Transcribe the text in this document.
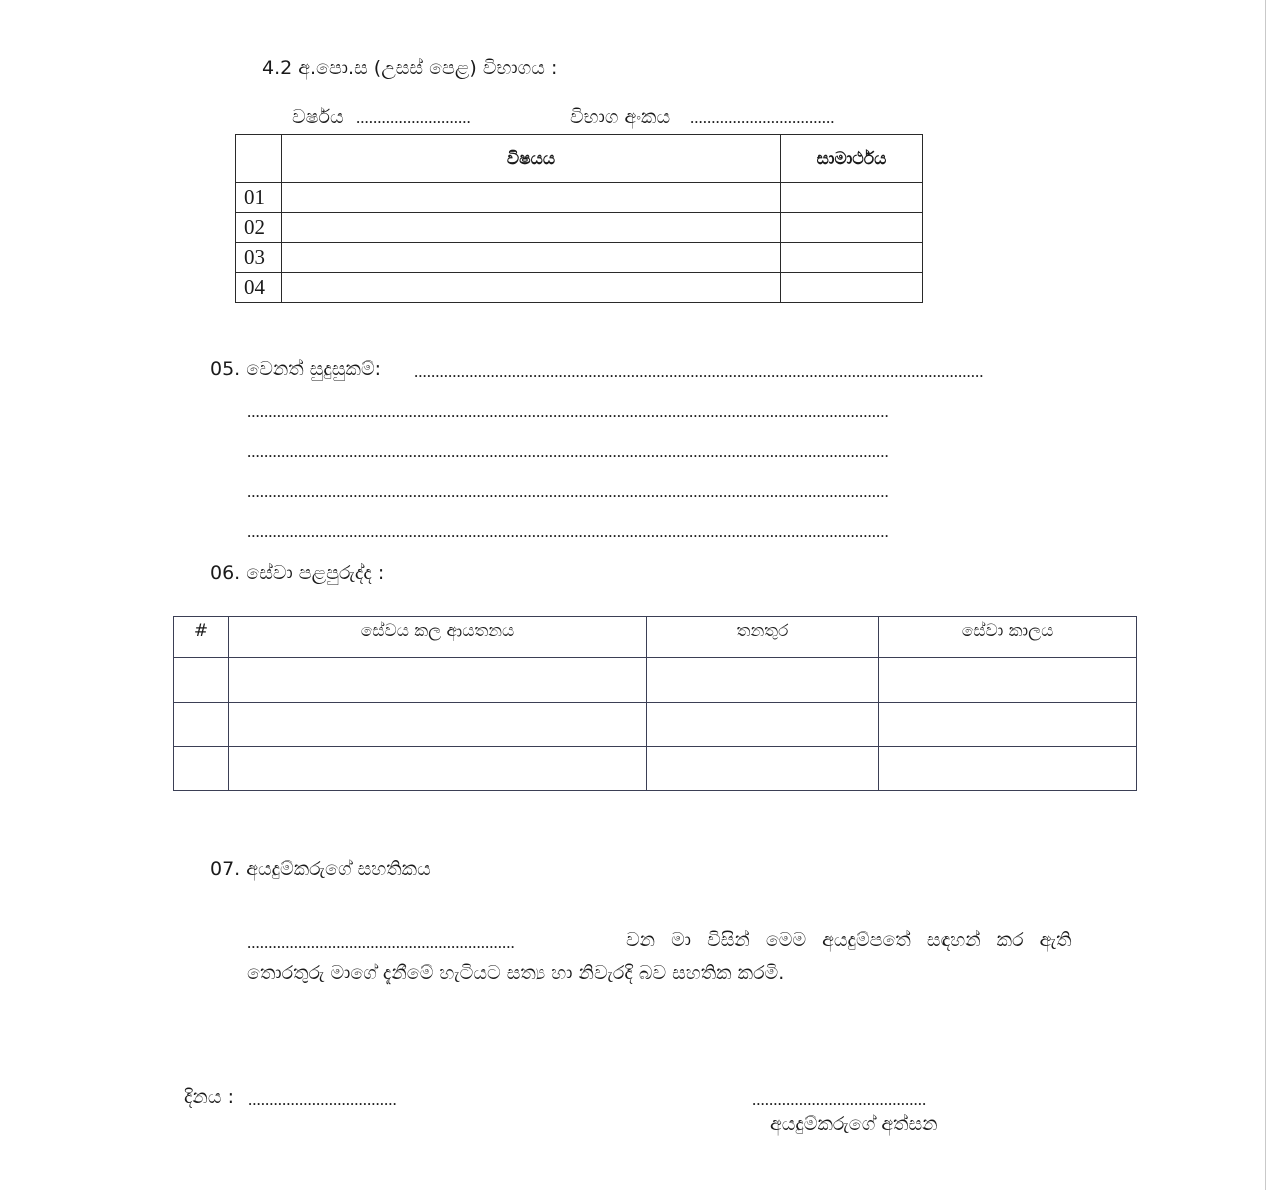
4.2 අ.පො.ස (උසස් පෙළ) විභාගය :
වර්ෂය ...........................	විභාග අංකය ..................................
	විෂයය	සාමාර්ථය
01		
02		
03		
04		
05. වෙනත් සුදුසුකම්: ......................................................................................................................................
.......................................................................................................................................................
.......................................................................................................................................................
.......................................................................................................................................................
.......................................................................................................................................................
06. සේවා පළපුරුද්ද :
#	සේවය කල ආයතනය	තනතුර	සේවා කාලය

07. අයදුම්කරුගේ සහතිකය
...............................................................	වන මා විසින් මෙම අයදුම්පතේ සඳහන් කර ඇති
තොරතුරු මාගේ දැනීමේ හැටියට සත්‍ය හා නිවැරදි බව සහතික කරමි.
දිනය : ...................................	.........................................
අයදුම්කරුගේ අත්සන
